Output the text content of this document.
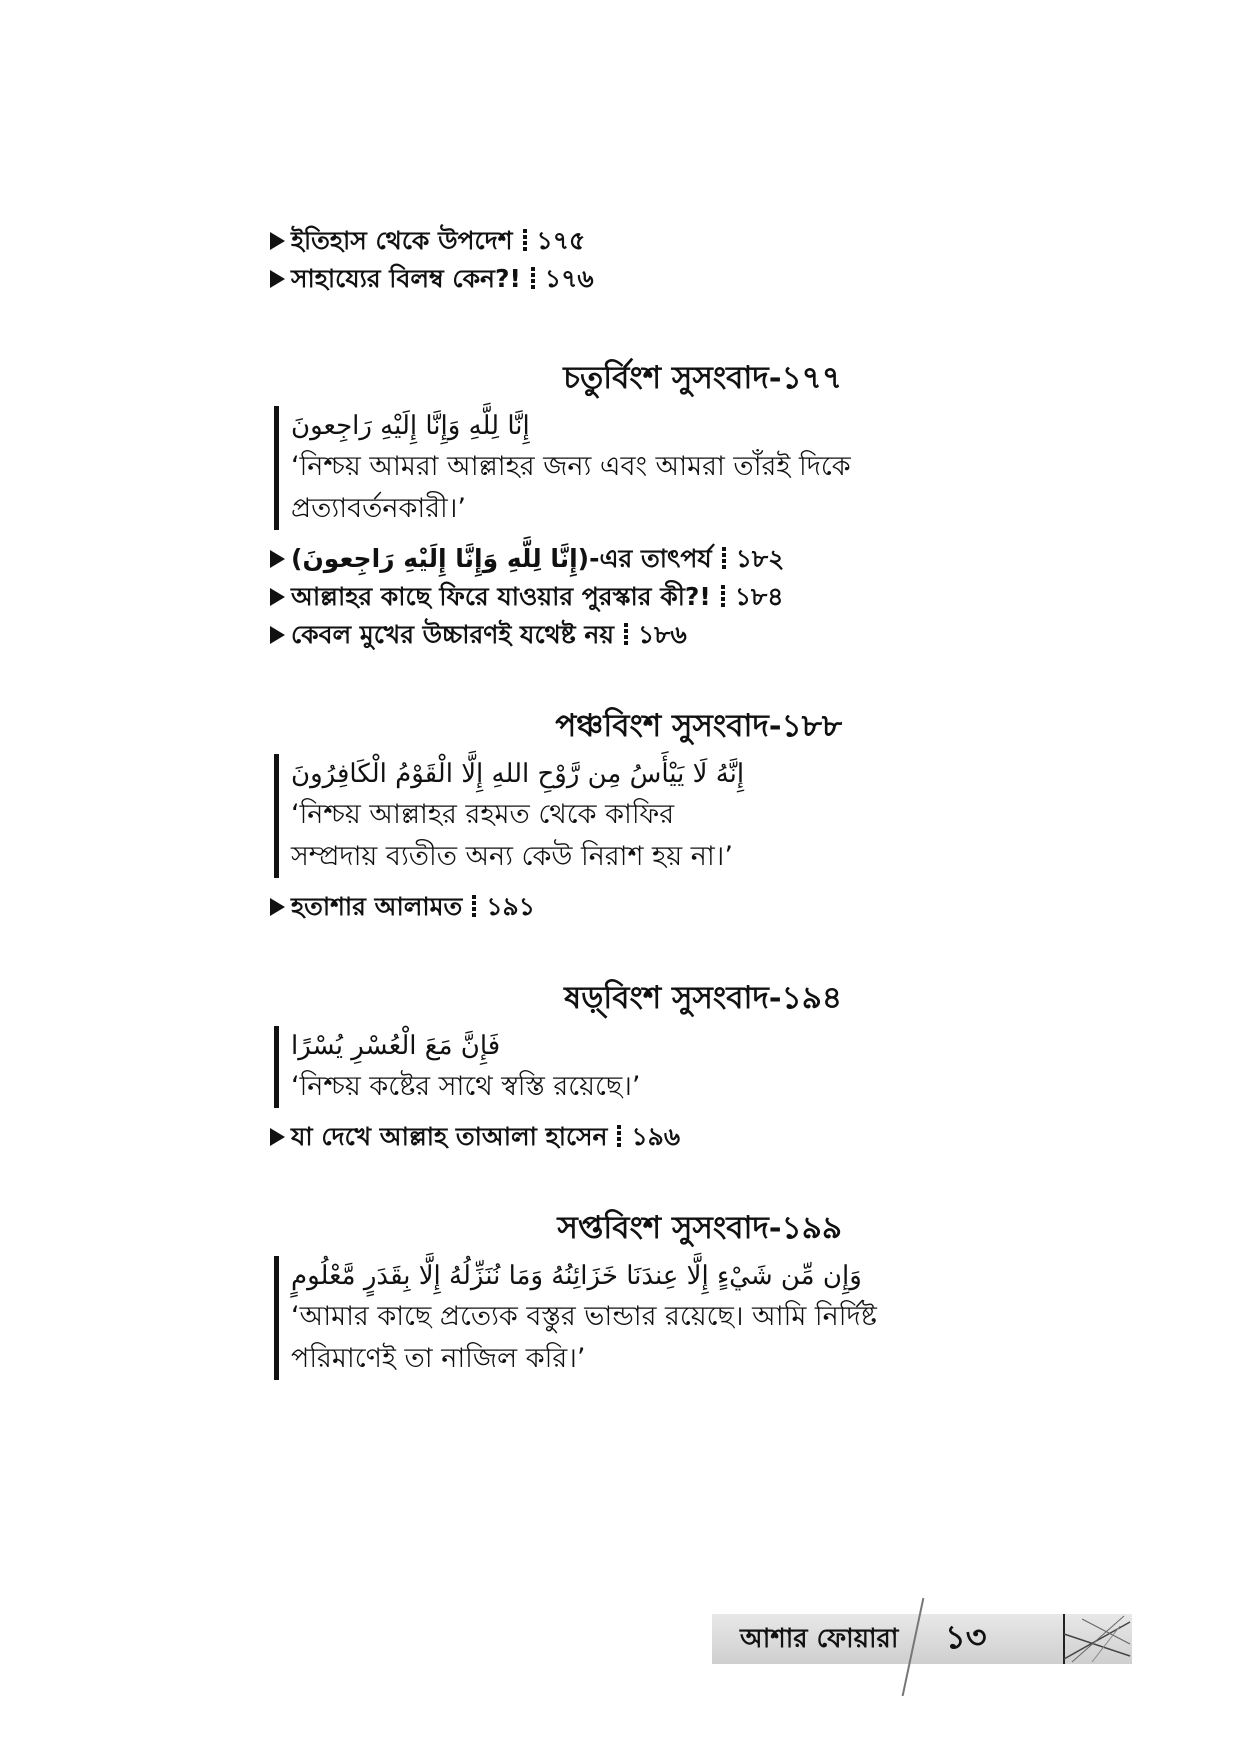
ইতিহাস থেকে উপদেশ ১৭৫
সাহায্যের বিলম্ব কেন?! ১৭৬
চতুর্বিংশ সুসংবাদ-১৭৭
إِنَّا لِلَّهِ وَإِنَّا إِلَيْهِ رَاجِعونَ
‘নিশ্চয় আমরা আল্লাহর জন্য এবং আমরা তাঁরই দিকে
প্রত্যাবর্তনকারী।’
(إِنَّا لِلَّهِ وَإِنَّا إِلَيْهِ رَاجِعونَ)-এর তাৎপর্য ১৮২
আল্লাহর কাছে ফিরে যাওয়ার পুরস্কার কী?! ১৮৪
কেবল মুখের উচ্চারণই যথেষ্ট নয় ১৮৬
পঞ্চবিংশ সুসংবাদ-১৮৮
إِنَّهُ لَا يَيْأَسُ مِن رَّوْحِ اللهِ إِلَّا الْقَوْمُ الْكَافِرُونَ
‘নিশ্চয় আল্লাহর রহমত থেকে কাফির
সম্প্রদায় ব্যতীত অন্য কেউ নিরাশ হয় না।’
হতাশার আলামত ১৯১
ষড়্‌বিংশ সুসংবাদ-১৯৪
فَإِنَّ مَعَ الْعُسْرِ يُسْرًا
‘নিশ্চয় কষ্টের সাথে স্বস্তি রয়েছে।’
যা দেখে আল্লাহ তাআলা হাসেন ১৯৬
সপ্তবিংশ সুসংবাদ-১৯৯
وَإِن مِّن شَيْءٍ إِلَّا عِندَنَا خَزَائِنُهُ وَمَا نُنَزِّلُهُ إِلَّا بِقَدَرٍ مَّعْلُومٍ
‘আমার কাছে প্রত্যেক বস্তুর ভান্ডার রয়েছে। আমি নির্দিষ্ট
পরিমাণেই তা নাজিল করি।’
আশার ফোয়ারা ১৩
